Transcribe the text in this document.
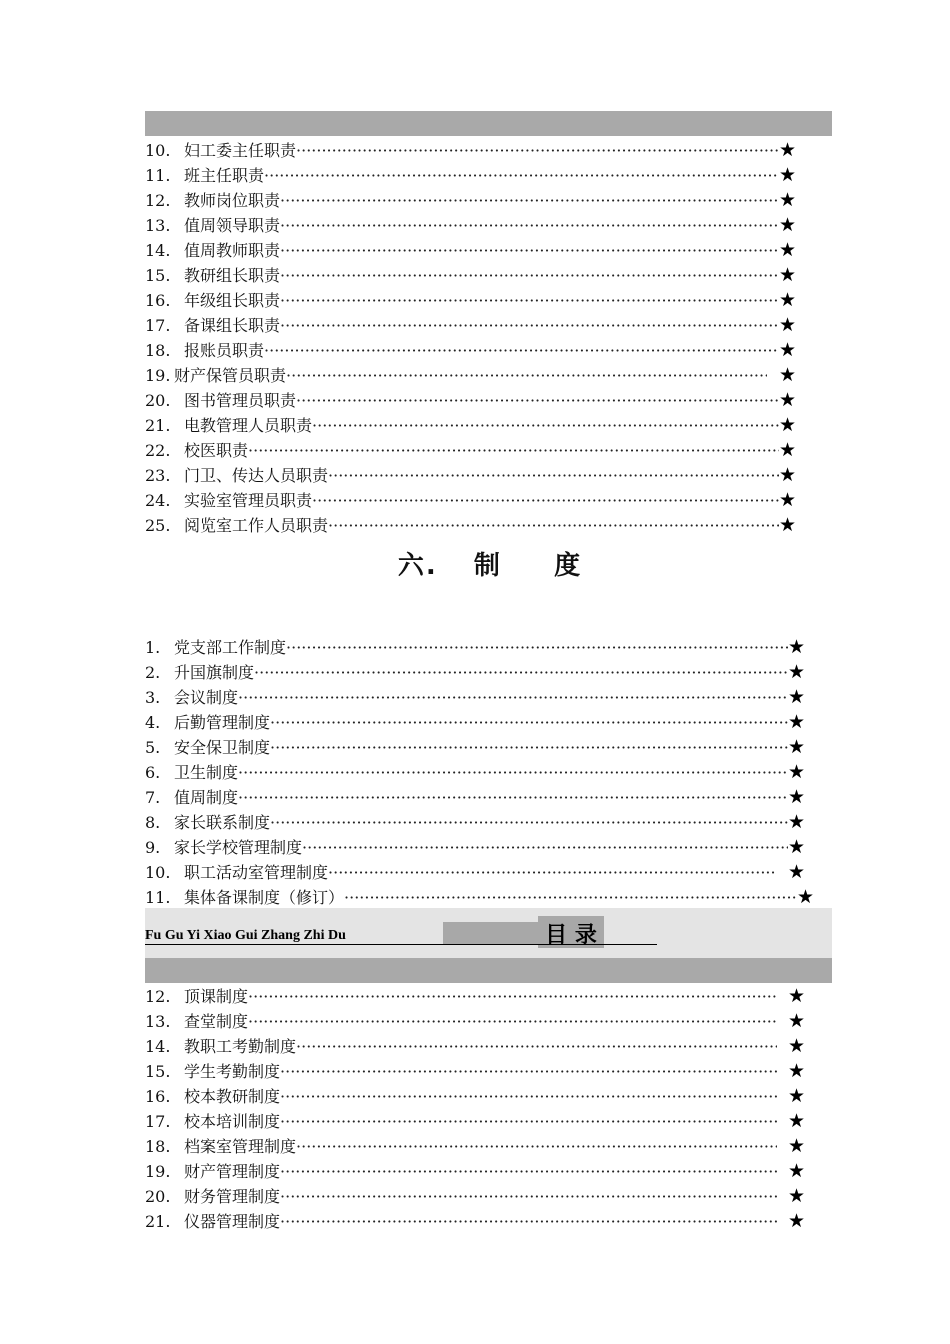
10. 妇工委主任职责 ·····	★
11. 班主任职责 ·····	★
12. 教师岗位职责 ·····	★
13. 值周领导职责 ·····	★
14. 值周教师职责 ·····	★
15. 教研组长职责 ·····	★
16. 年级组长职责 ·····	★
17. 备课组长职责 ·····	★
18. 报账员职责 ·····	★
19. 财产保管员职责 ·····	★
20. 图书管理员职责 ·····	★
21. 电教管理人员职责 ·····	★
22. 校医职责 ·····	★
23. 门卫、传达人员职责 ·····	★
24. 实验室管理员职责 ·····	★
25. 阅览室工作人员职责 ·····	★
六. 制 度
1. 党支部工作制度 ·····	★
2. 升国旗制度 ·····	★
3. 会议制度 ·····	★
4. 后勤管理制度 ·····	★
5. 安全保卫制度 ·····	★
6. 卫生制度 ·····	★
7. 值周制度 ·····	★
8. 家长联系制度 ·····	★
9. 家长学校管理制度 ·····	★
10. 职工活动室管理制度 ·····	★
11. 集体备课制度（修订） ·····	★
Fu Gu Yi Xiao Gui Zhang Zhi Du	目 录
12. 顶课制度 ·····	★
13. 查堂制度 ·····	★
14. 教职工考勤制度 ·····	★
15. 学生考勤制度 ·····	★
16. 校本教研制度 ·····	★
17. 校本培训制度 ·····	★
18. 档案室管理制度 ·····	★
19. 财产管理制度 ·····	★
20. 财务管理制度 ·····	★
21. 仪器管理制度 ·····	★
